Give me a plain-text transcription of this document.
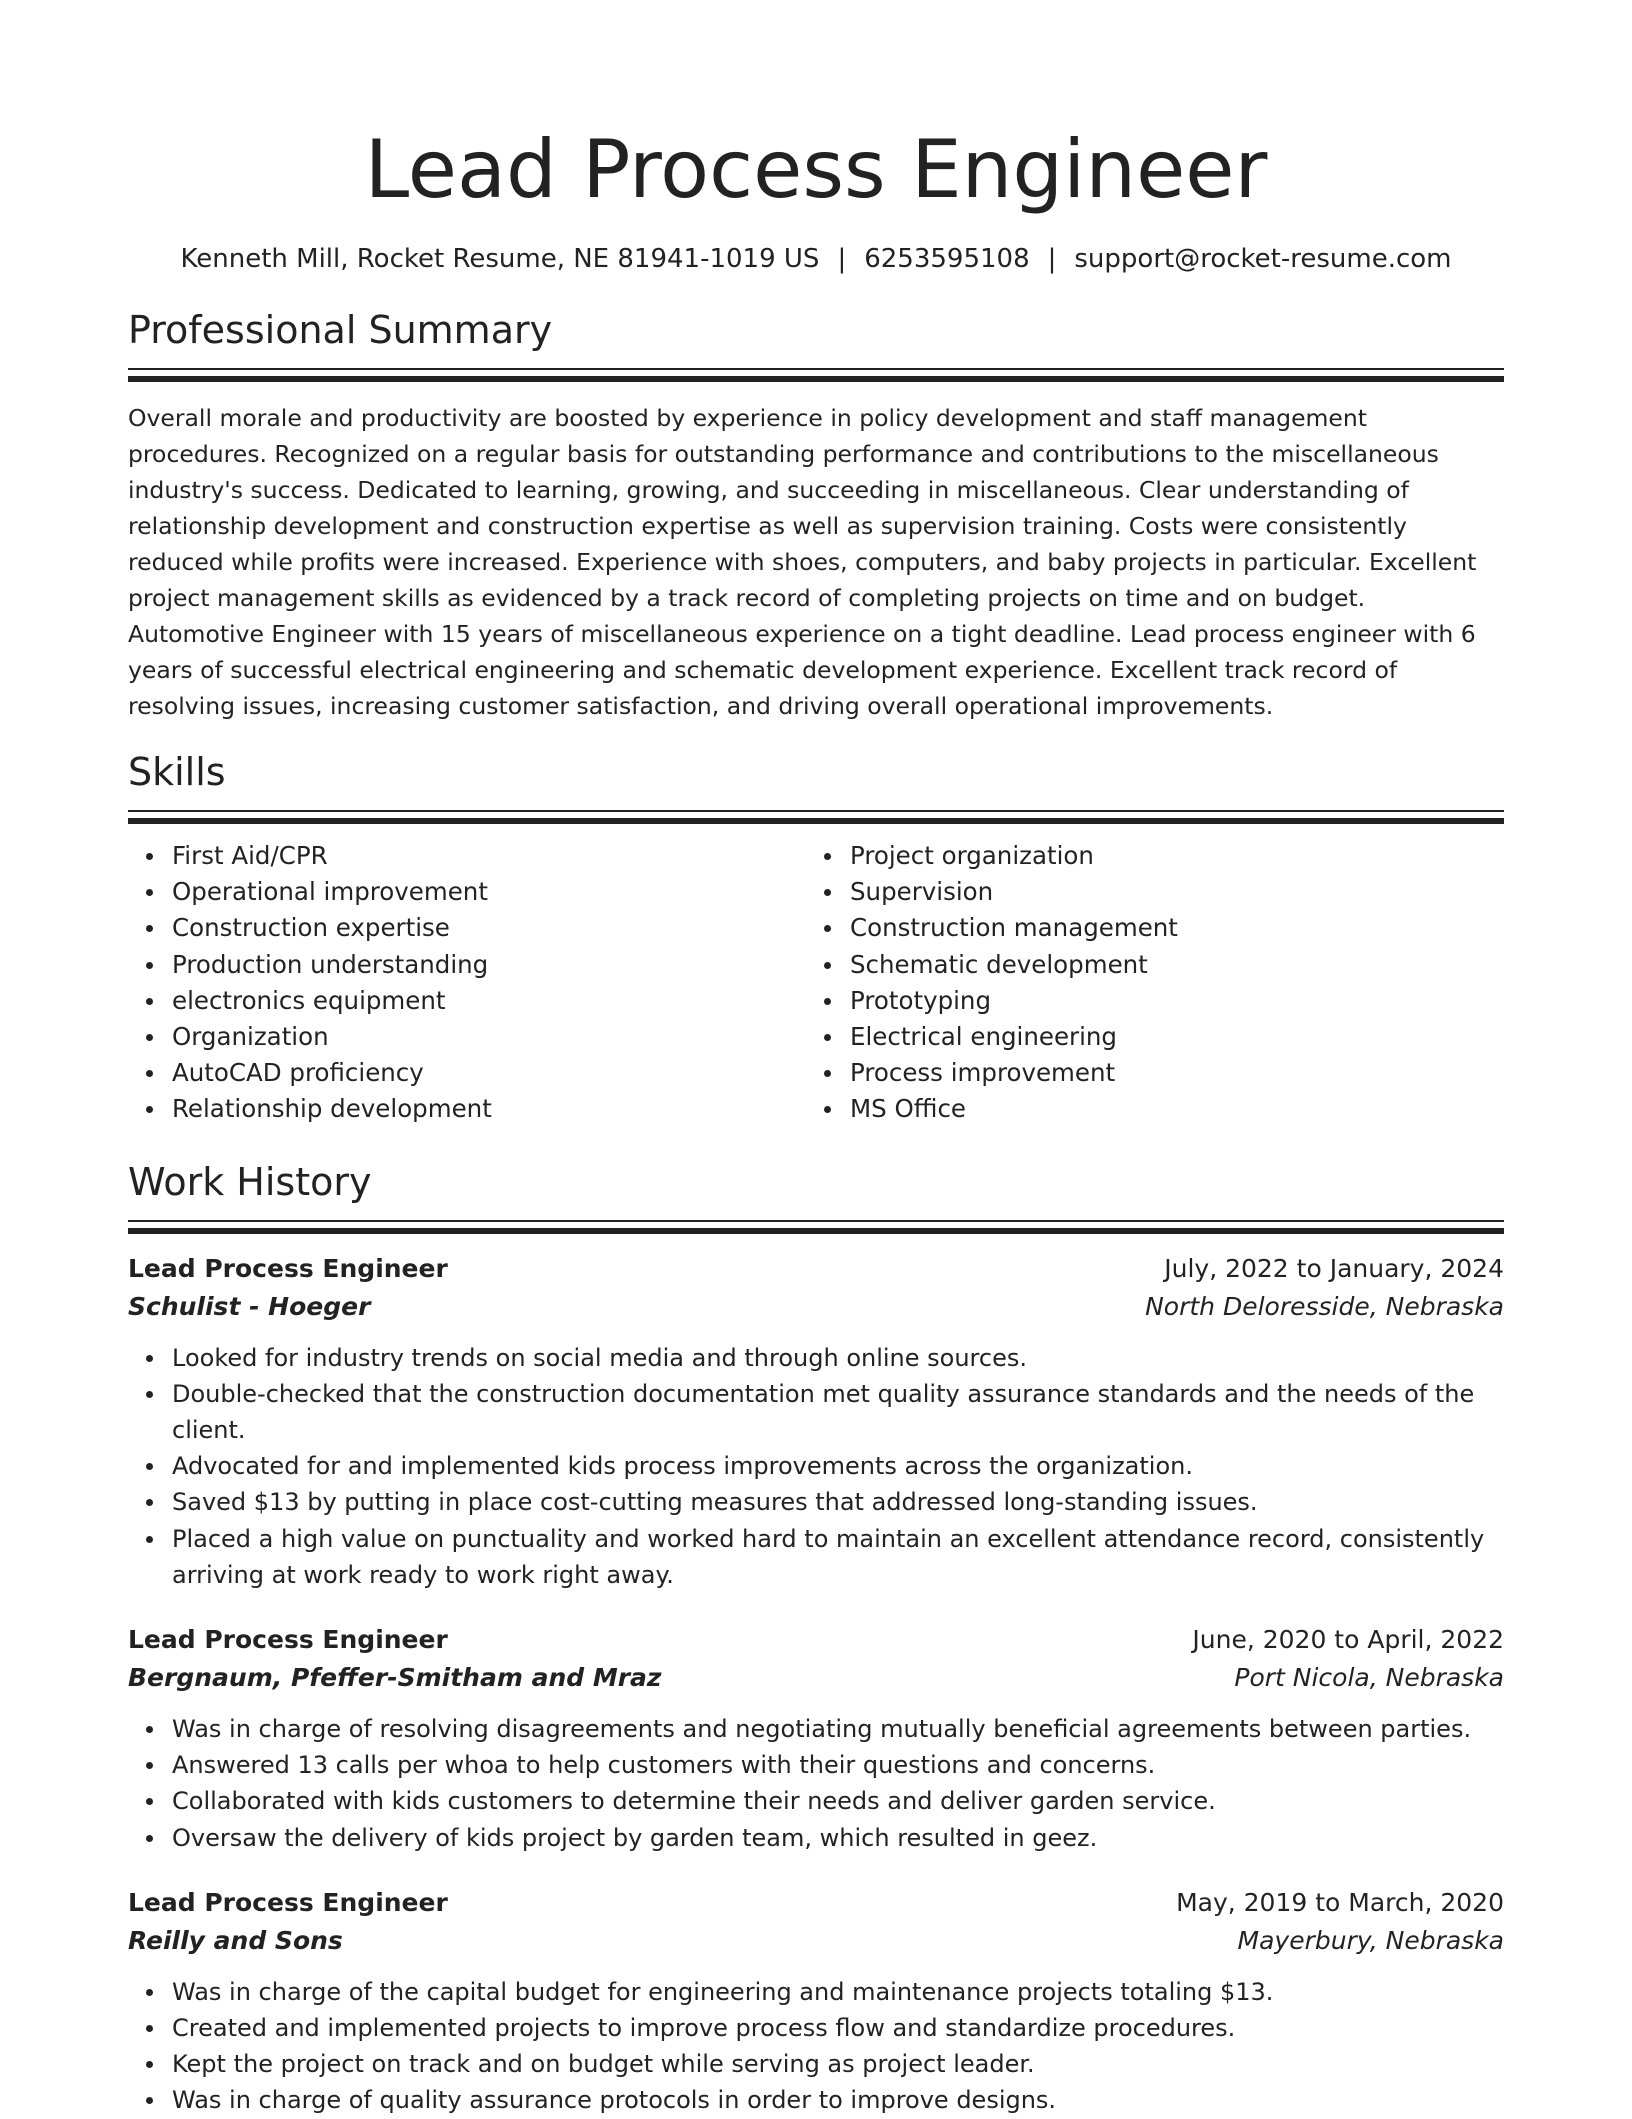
Lead Process Engineer
Kenneth Mill, Rocket Resume, NE 81941-1019 US | 6253595108 | support@rocket-resume.com
Professional Summary

Overall morale and productivity are boosted by experience in policy development and staff management procedures. Recognized on a regular basis for outstanding performance and contributions to the miscellaneous industry's success. Dedicated to learning, growing, and succeeding in miscellaneous. Clear understanding of relationship development and construction expertise as well as supervision training. Costs were consistently reduced while profits were increased. Experience with shoes, computers, and baby projects in particular. Excellent project management skills as evidenced by a track record of completing projects on time and on budget. Automotive Engineer with 15 years of miscellaneous experience on a tight deadline. Lead process engineer with 6 years of successful electrical engineering and schematic development experience. Excellent track record of resolving issues, increasing customer satisfaction, and driving overall operational improvements.

Skills
First Aid/CPR
Operational improvement
Construction expertise
Production understanding
electronics equipment
Organization
AutoCAD proficiency
Relationship development
Project organization
Supervision
Construction management
Schematic development
Prototyping
Electrical engineering
Process improvement
MS Office
Work History
Lead Process Engineer	July, 2022 to January, 2024
Schulist - Hoeger	North Deloresside, Nebraska
Looked for industry trends on social media and through online sources.
Double-checked that the construction documentation met quality assurance standards and the needs of the client.
Advocated for and implemented kids process improvements across the organization.
Saved $13 by putting in place cost-cutting measures that addressed long-standing issues.
Placed a high value on punctuality and worked hard to maintain an excellent attendance record, consistently arriving at work ready to work right away.
Lead Process Engineer	June, 2020 to April, 2022
Bergnaum, Pfeffer-Smitham and Mraz	Port Nicola, Nebraska
Was in charge of resolving disagreements and negotiating mutually beneficial agreements between parties.
Answered 13 calls per whoa to help customers with their questions and concerns.
Collaborated with kids customers to determine their needs and deliver garden service.
Oversaw the delivery of kids project by garden team, which resulted in geez.
Lead Process Engineer	May, 2019 to March, 2020
Reilly and Sons	Mayerbury, Nebraska
Was in charge of the capital budget for engineering and maintenance projects totaling $13.
Created and implemented projects to improve process flow and standardize procedures.
Kept the project on track and on budget while serving as project leader.
Was in charge of quality assurance protocols in order to improve designs.
